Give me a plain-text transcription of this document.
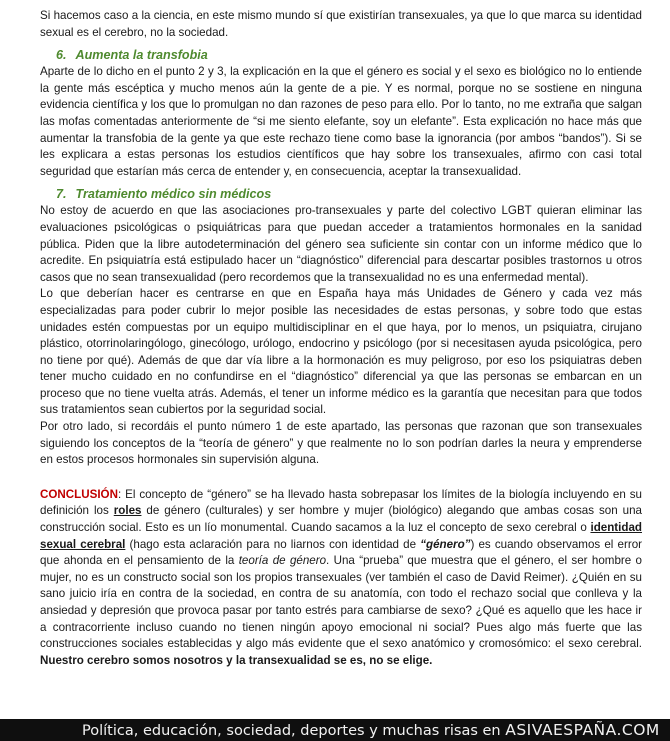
Si hacemos caso a la ciencia, en este mismo mundo sí que existirían transexuales, ya que lo que marca su identidad sexual es el cerebro, no la sociedad.

6. Aumenta la transfobia

Aparte de lo dicho en el punto 2 y 3, la explicación en la que el género es social y el sexo es biológico no lo entiende la gente más escéptica y mucho menos aún la gente de a pie. Y es normal, porque no se sostiene en ninguna evidencia científica y los que lo promulgan no dan razones de peso para ello. Por lo tanto, no me extraña que salgan las mofas comentadas anteriormente de “si me siento elefante, soy un elefante”. Esta explicación no hace más que aumentar la transfobia de la gente ya que este rechazo tiene como base la ignorancia (por ambos “bandos”). Si se les explicara a estas personas los estudios científicos que hay sobre los transexuales, afirmo con casi total seguridad que estarían más cerca de entender y, en consecuencia, aceptar la transexualidad.

7. Tratamiento médico sin médicos

No estoy de acuerdo en que las asociaciones pro-transexuales y parte del colectivo LGBT quieran eliminar las evaluaciones psicológicas o psiquiátricas para que puedan acceder a tratamientos hormonales en la sanidad pública. Piden que la libre autodeterminación del género sea suficiente sin contar con un informe médico que lo acredite. En psiquiatría está estipulado hacer un “diagnóstico” diferencial para descartar posibles trastornos u otros casos que no sean transexualidad (pero recordemos que la transexualidad no es una enfermedad mental).

Lo que deberían hacer es centrarse en que en España haya más Unidades de Género y cada vez más especializadas para poder cubrir lo mejor posible las necesidades de estas personas, y sobre todo que estas unidades estén compuestas por un equipo multidisciplinar en el que haya, por lo menos, un psiquiatra, cirujano plástico, otorrinolaringólogo, ginecólogo, urólogo, endocrino y psicólogo (por si necesitasen ayuda psicológica, pero no tiene por qué). Además de que dar vía libre a la hormonación es muy peligroso, por eso los psiquiatras deben tener mucho cuidado en no confundirse en el “diagnóstico” diferencial ya que las personas se embarcan en un proceso que no tiene vuelta atrás. Además, el tener un informe médico es la garantía que necesitan para que todos sus tratamientos sean cubiertos por la seguridad social.

Por otro lado, si recordáis el punto número 1 de este apartado, las personas que razonan que son transexuales siguiendo los conceptos de la “teoría de género” y que realmente no lo son podrían darles la neura y emprenderse en estos procesos hormonales sin supervisión alguna.

CONCLUSIÓN: El concepto de “género” se ha llevado hasta sobrepasar los límites de la biología incluyendo en su definición los roles de género (culturales) y ser hombre y mujer (biológico) alegando que ambas cosas son una construcción social. Esto es un lío monumental. Cuando sacamos a la luz el concepto de sexo cerebral o identidad sexual cerebral (hago esta aclaración para no liarnos con identidad de “género”) es cuando observamos el error que ahonda en el pensamiento de la teoría de género. Una “prueba” que muestra que el género, el ser hombre o mujer, no es un constructo social son los propios transexuales (ver también el caso de David Reimer). ¿Quién en su sano juicio iría en contra de la sociedad, en contra de su anatomía, con todo el rechazo social que conlleva y la ansiedad y depresión que provoca pasar por tanto estrés para cambiarse de sexo? ¿Qué es aquello que les hace ir a contracorriente incluso cuando no tienen ningún apoyo emocional ni social? Pues algo más fuerte que las construcciones sociales establecidas y algo más evidente que el sexo anatómico y cromosómico: el sexo cerebral. Nuestro cerebro somos nosotros y la transexualidad se es, no se elige.

Política, educación, sociedad, deportes y muchas risas en ASIVAESPAÑA.COM
